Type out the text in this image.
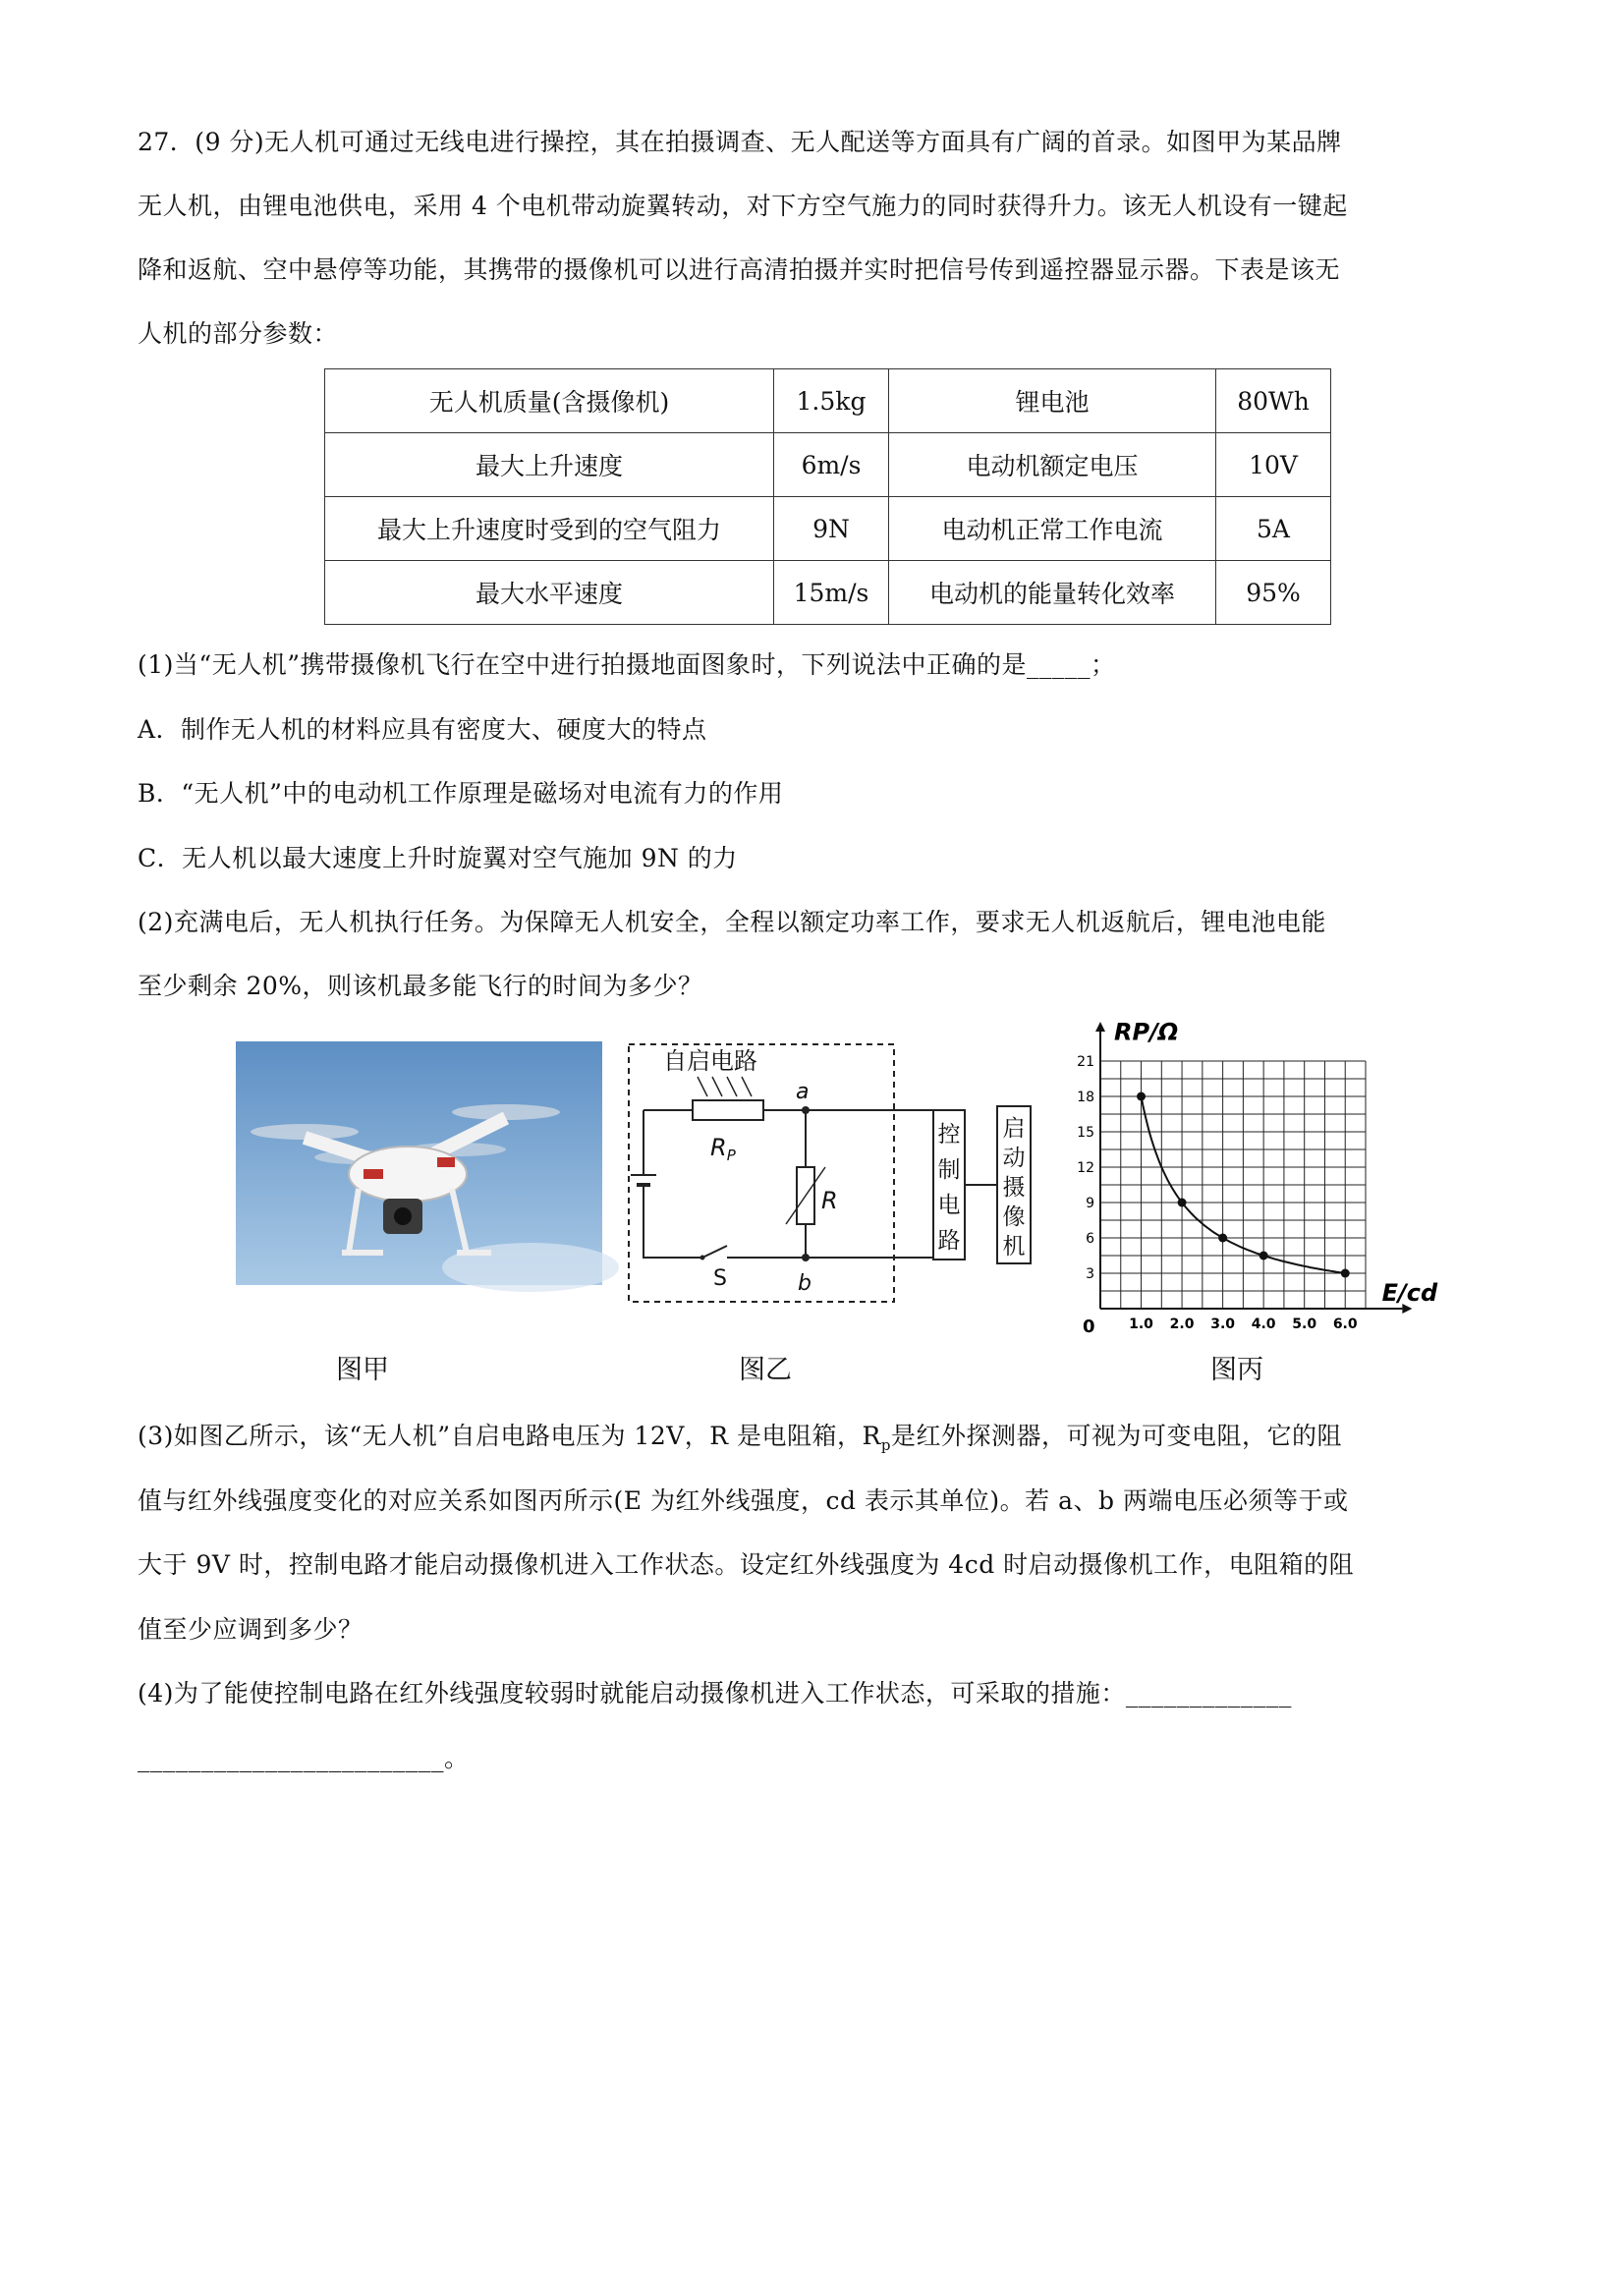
27．(9 分)无人机可通过无线电进行操控，其在拍摄调查、无人配送等方面具有广阔的首录。如图甲为某品牌
无人机，由锂电池供电，采用 4 个电机带动旋翼转动，对下方空气施力的同时获得升力。该无人机设有一键起
降和返航、空中悬停等功能，其携带的摄像机可以进行高清拍摄并实时把信号传到遥控器显示器。下表是该无
人机的部分参数：
无人机质量(含摄像机)	1.5kg	锂电池	80Wh
最大上升速度	6m/s	电动机额定电压	10V
最大上升速度时受到的空气阻力	9N	电动机正常工作电流	5A
最大水平速度	15m/s	电动机的能量转化效率	95%
(1)当“无人机”携带摄像机飞行在空中进行拍摄地面图象时，下列说法中正确的是_____；
A．制作无人机的材料应具有密度大、硬度大的特点
B．“无人机”中的电动机工作原理是磁场对电流有力的作用
C．无人机以最大速度上升时旋翼对空气施加 9N 的力
(2)充满电后，无人机执行任务。为保障无人机安全，全程以额定功率工作，要求无人机返航后，锂电池电能
至少剩余 20%，则该机最多能飞行的时间为多少？
自启电路
$R_P$
R
a
b
S
控
制
电
路
启
动
摄
像
机
1.0 2.0 3.0 4.0 5.0 6.0
3
6
9
12
15
18
21
0
RP/Ω
E/cd
图甲	图乙	图丙
(3)如图乙所示，该“无人机”自启电路电压为 12V，R 是电阻箱，$R_p$是红外探测器，可视为可变电阻，它的阻
值与红外线强度变化的对应关系如图丙所示(E 为红外线强度，cd 表示其单位)。若 a、b 两端电压必须等于或
大于 9V 时，控制电路才能启动摄像机进入工作状态。设定红外线强度为 4cd 时启动摄像机工作，电阻箱的阻
值至少应调到多少？
(4)为了能使控制电路在红外线强度较弱时就能启动摄像机进入工作状态，可采取的措施：_____________
________________________。
